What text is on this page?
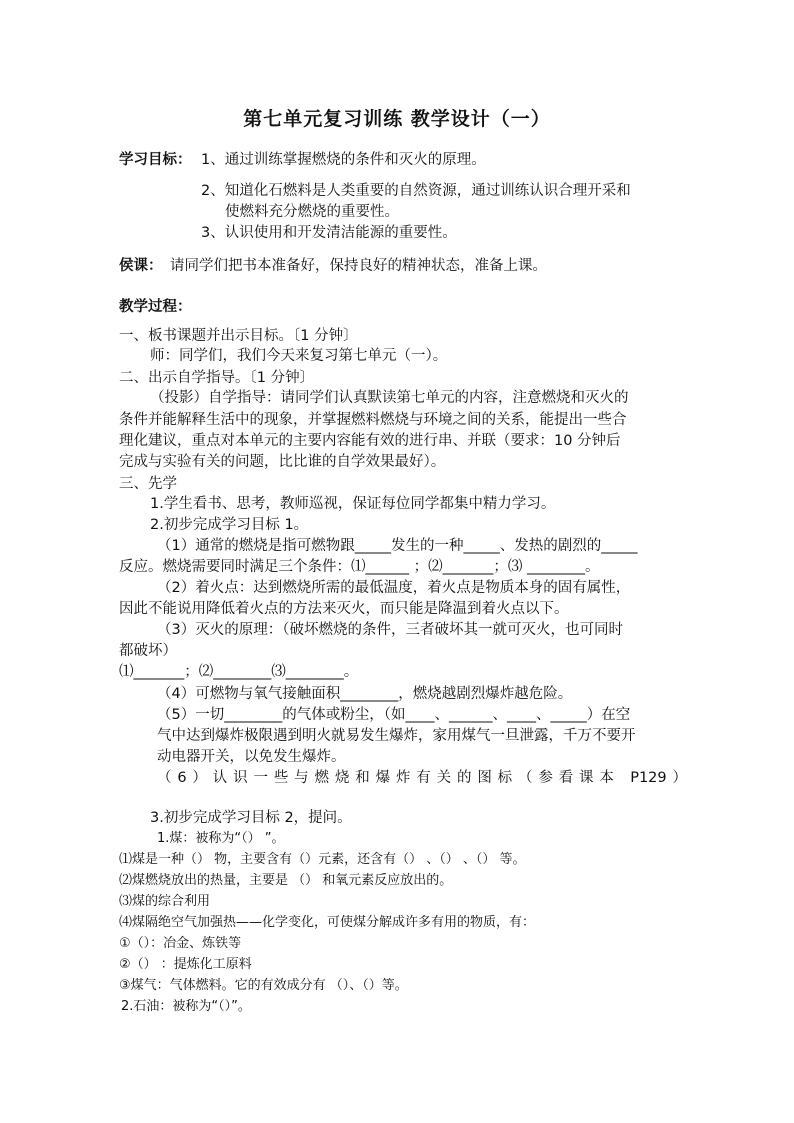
第七单元复习训练 教学设计（一）
学习目标： 1、通过训练掌握燃烧的条件和灭火的原理。
2、知道化石燃料是人类重要的自然资源，通过训练认识合理开采和
使燃料充分燃烧的重要性。
3、认识使用和开发清洁能源的重要性。
侯课： 请同学们把书本准备好，保持良好的精神状态，准备上课。
教学过程：
一、板书课题并出示目标。〔1 分钟〕
师：同学们，我们今天来复习第七单元（一）。
二、出示自学指导。〔1 分钟〕
（投影）自学指导：请同学们认真默读第七单元的内容，注意燃烧和灭火的
条件并能解释生活中的现象，并掌握燃料燃烧与环境之间的关系，能提出一些合
理化建议，重点对本单元的主要内容能有效的进行串、并联（要求：10 分钟后
完成与实验有关的问题，比比谁的自学效果最好）。
三、先学
1.学生看书、思考，教师巡视，保证每位同学都集中精力学习。
2.初步完成学习目标 1。
（1）通常的燃烧是指可燃物跟_____发生的一种_____、发热的剧烈的_____
反应。燃烧需要同时满足三个条件：⑴______ ；⑵_______；⑶ ________。
（2）着火点：达到燃烧所需的最低温度，着火点是物质本身的固有属性，
因此不能说用降低着火点的方法来灭火，而只能是降温到着火点以下。
（3）灭火的原理：（破坏燃烧的条件，三者破坏其一就可灭火，也可同时
都破坏）
⑴_______；⑵________⑶________。
（4）可燃物与氧气接触面积________，燃烧越剧烈爆炸越危险。
（5）一切________的气体或粉尘，（如____、______、____、_____）在空
气中达到爆炸极限遇到明火就易发生爆炸，家用煤气一旦泄露，千万不要开
动电器开关，以免发生爆炸。
（6）认识一些与燃烧和爆炸有关的图标（参看课本 P129）
3.初步完成学习目标 2，提问。
1.煤：被称为“（） ”。
⑴煤是一种（） 物，主要含有（）元素，还含有（） 、（） 、（） 等。
⑵煤燃烧放出的热量，主要是 （） 和氧元素反应放出的。
⑶煤的综合利用
⑷煤隔绝空气加强热——化学变化，可使煤分解成许多有用的物质，有：
①（）：冶金、炼铁等
②（） ：提炼化工原料
③煤气：气体燃料。它的有效成分有 （）、（）等。
2.石油：被称为“（）”。
